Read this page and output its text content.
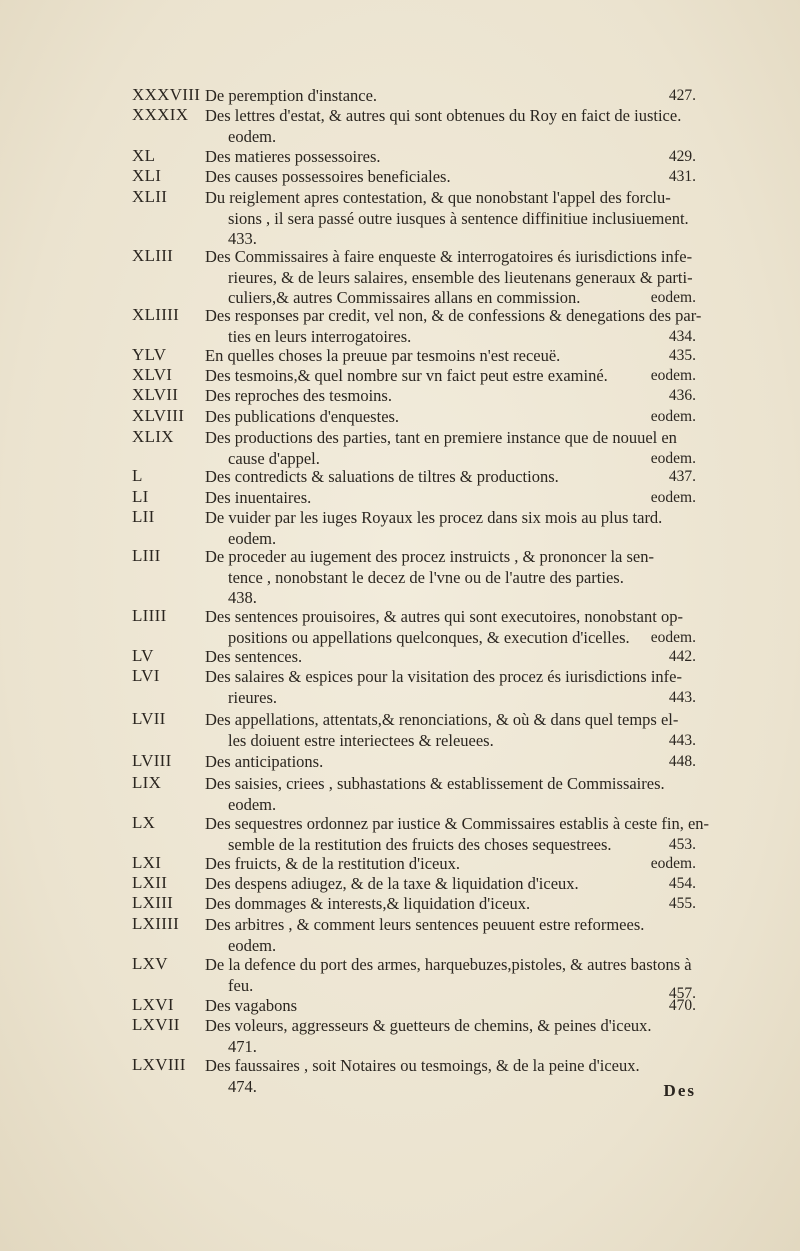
XXXVIII De peremption d'instance.	427.
XXXIX Des lettres d'estat, & autres qui sont obtenues du Roy en faict de iustice.
eodem.
XL	Des matieres possessoires.	429.
XLI	Des causes possessoires beneficiales.	431.
XLII Du reiglement apres contestation, & que nonobstant l'appel des forclu-
sions , il sera passé outre iusques à sentence diffinitiue inclusiuement.
433.
XLIII Des Commissaires à faire enqueste & interrogatoires és iurisdictions infe-
rieures, & de leurs salaires, ensemble des lieutenans generaux & parti-
culiers,& autres Commissaires allans en commission.	eodem.
XLIIII Des responses par credit, vel non, & de confessions & denegations des par-
ties en leurs interrogatoires.	434.
YLV En quelles choses la preuue par tesmoins n'est receuë.	435.
XLVI Des tesmoins,& quel nombre sur vn faict peut estre examiné.	eodem.
XLVII Des reproches des tesmoins.	436.
XLVIII Des publications d'enquestes.	eodem.
XLIX Des productions des parties, tant en premiere instance que de nouuel en
cause d'appel.	eodem.
L	Des contredicts & saluations de tiltres & productions.	437.
LI	Des inuentaires.	eodem.
LII	De vuider par les iuges Royaux les procez dans six mois au plus tard.
eodem.
LIII	De proceder au iugement des procez instruicts , & prononcer la sen-
tence , nonobstant le decez de l'vne ou de l'autre des parties.
438.
LIIII Des sentences prouisoires, & autres qui sont executoires, nonobstant op-
positions ou appellations quelconques, & execution d'icelles. eodem.
LV	Des sentences.	442.
LVI	Des salaires & espices pour la visitation des procez és iurisdictions infe-
rieures.	443.
LVII Des appellations, attentats,& renonciations, & où & dans quel temps el-
les doiuent estre interiectees & releuees.	443.
LVIII Des anticipations.	448.
LIX	Des saisies, criees , subhastations & establissement de Commissaires.
eodem.
LX	Des sequestres ordonnez par iustice & Commissaires establis à ceste fin, en-
semble de la restitution des fruicts des choses sequestrees.	453.
LXI	Des fruicts, & de la restitution d'iceux.	eodem.
LXII Des despens adiugez, & de la taxe & liquidation d'iceux.	454.
LXIII Des dommages & interests,& liquidation d'iceux.	455.
LXIIII Des arbitres , & comment leurs sentences peuuent estre reformees.
eodem.
LXV De la defence du port des armes, harquebuzes,pistoles, & autres bastons à
feu.	457.
LXVI Des vagabons	470.
LXVII Des voleurs, aggresseurs & guetteurs de chemins, & peines d'iceux.
471.
LXVIII Des faussaires , soit Notaires ou tesmoings, & de la peine d'iceux.
474.	Des
